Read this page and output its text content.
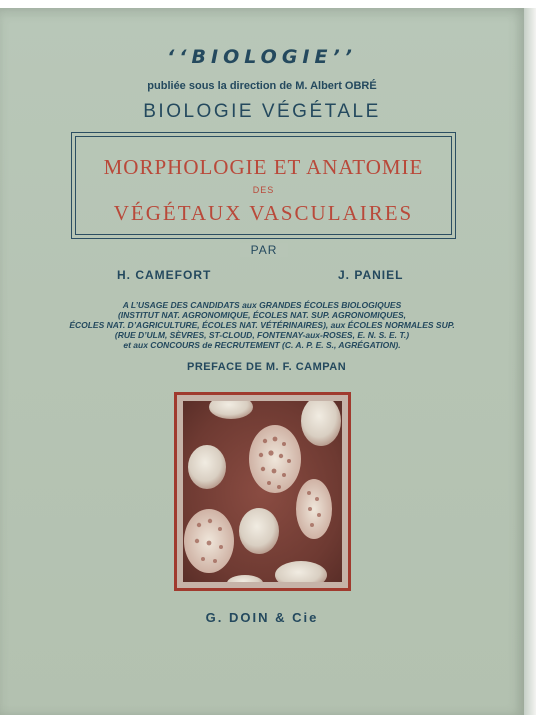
‘‘BIOLOGIE’’
publiée sous la direction de M. Albert OBRÉ
BIOLOGIE VÉGÉTALE
MORPHOLOGIE ET ANATOMIE
DES
VÉGÉTAUX VASCULAIRES
PAR
H. CAMEFORT	J. PANIEL
A L’USAGE DES CANDIDATS aux GRANDES ÉCOLES BIOLOGIQUES
(INSTITUT NAT. AGRONOMIQUE, ÉCOLES NAT. SUP. AGRONOMIQUES,
ÉCOLES NAT. D’AGRICULTURE, ÉCOLES NAT. VÉTÉRINAIRES), aux ÉCOLES NORMALES SUP.
(RUE D’ULM, SÈVRES, ST-CLOUD, FONTENAY-aux-ROSES, E. N. S. E. T.)
et aux CONCOURS de RECRUTEMENT (C. A. P. E. S., AGRÉGATION).
PREFACE DE M. F. CAMPAN
G. DOIN & Cie
